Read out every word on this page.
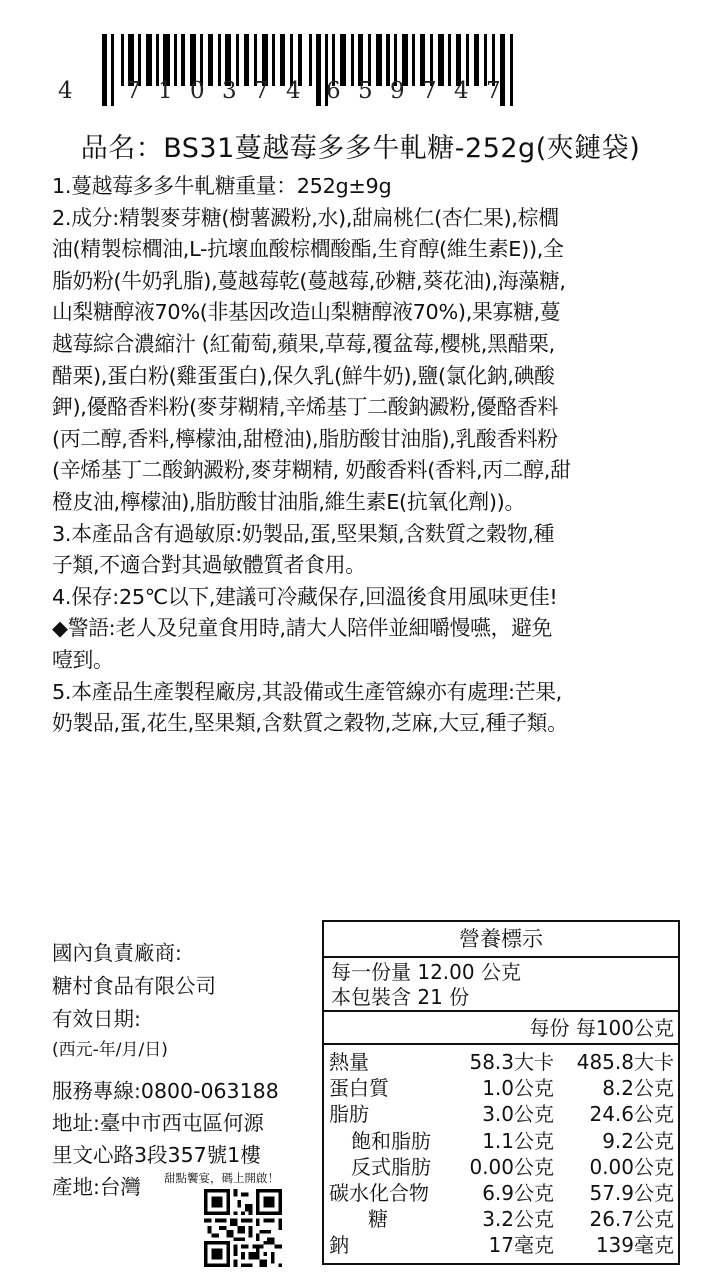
4 7 1 0 3 7 4 6 5 9 7 4 7
品名：BS31蔓越莓多多牛軋糖-252g(夾鏈袋)

1.蔓越莓多多牛軋糖重量：252g±9g

2.成分:精製麥芽糖(樹薯澱粉,水),甜扁桃仁(杏仁果),棕櫚

油(精製棕櫚油,L-抗壞血酸棕櫚酸酯,生育醇(維生素E)),全

脂奶粉(牛奶乳脂),蔓越莓乾(蔓越莓,砂糖,葵花油),海藻糖,

山梨糖醇液70%(非基因改造山梨糖醇液70%),果寡糖,蔓

越莓綜合濃縮汁 (紅葡萄,蘋果,草莓,覆盆莓,櫻桃,黑醋栗,

醋栗),蛋白粉(雞蛋蛋白),保久乳(鮮牛奶),鹽(氯化鈉,碘酸

鉀),優酪香料粉(麥芽糊精,辛烯基丁二酸鈉澱粉,優酪香料

(丙二醇,香料,檸檬油,甜橙油),脂肪酸甘油脂),乳酸香料粉

(辛烯基丁二酸鈉澱粉,麥芽糊精, 奶酸香料(香料,丙二醇,甜

橙皮油,檸檬油),脂肪酸甘油脂,維生素E(抗氧化劑))。

3.本產品含有過敏原:奶製品,蛋,堅果類,含麩質之穀物,種

子類,不適合對其過敏體質者食用。

4.保存:25℃以下,建議可冷藏保存,回溫後食用風味更佳!

◆警語:老人及兒童食用時,請大人陪伴並細嚼慢嚥，避免

噎到。

5.本產品生產製程廠房,其設備或生產管線亦有處理:芒果,

奶製品,蛋,花生,堅果類,含麩質之穀物,芝麻,大豆,種子類。

國內負責廠商:
糖村食品有限公司
有效日期:
(西元-年/月/日)
服務專線:0800-063188
地址:臺中市西屯區何源
里文心路3段357號1樓
產地:台灣 甜點饗宴，碼上開啟！
營養標示
每一份量 12.00 公克
本包裝含 21 份
每份 每100公克
熱量	58.3大卡 485.8大卡
蛋白質	1.0公克 8.2公克
脂肪	3.0公克 24.6公克
飽和脂肪	1.1公克 9.2公克
反式脂肪 0.00公克 0.00公克
碳水化合物	6.9公克 57.9公克
糖	3.2公克 26.7公克
鈉	17毫克 139毫克
